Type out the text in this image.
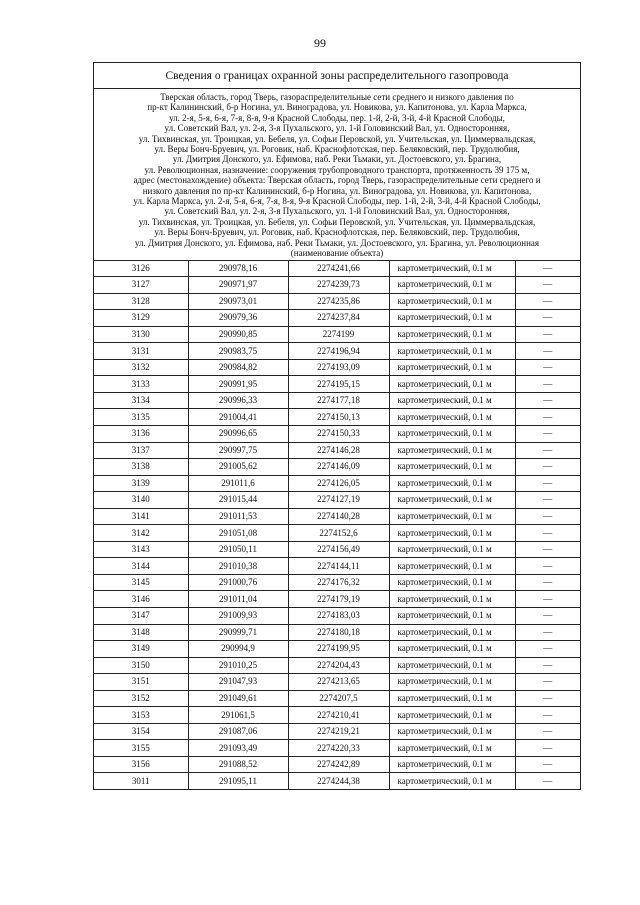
99
Сведения о границах охранной зоны распределительного газопровода
Тверская область, город Тверь, газораспределительные сети среднего и низкого давления по
пр-кт Калининский, б-р Ногина, ул. Виноградова, ул. Новикова, ул. Капитонова, ул. Карла Маркса,
ул. 2-я, 5-я, 6-я, 7-я, 8-я, 9-я Красной Слободы, пер. 1-й, 2-й, 3-й, 4-й Красной Слободы,
ул. Советский Вал, ул. 2-я, 3-я Пухальского, ул. 1-й Головинский Вал, ул. Односторонняя,
ул. Тихвинская, ул. Троицкая, ул. Бебеля, ул. Софьи Перовской, ул. Учительская, ул. Циммервальдская,
ул. Веры Бонч-Бруевич, ул. Роговик, наб. Краснофлотская, пер. Беляковский, пер. Трудолюбия,
ул. Дмитрия Донского, ул. Ефимова, наб. Реки Тьмаки, ул. Достоевского, ул. Брагина,
ул. Революционная, назначение: сооружения трубопроводного транспорта, протяженность 39 175 м,
адрес (местонахождение) объекта: Тверская область, город Тверь, газораспределительные сети среднего и
низкого давления по пр-кт Калининский, б-р Ногина, ул. Виноградова, ул. Новикова, ул. Капитонова,
ул. Карла Маркса, ул. 2-я, 5-я, 6-я, 7-я, 8-я, 9-я Красной Слободы, пер. 1-й, 2-й, 3-й, 4-й Красной Слободы,
ул. Советский Вал, ул. 2-я, 3-я Пухальского, ул. 1-й Головинский Вал, ул. Односторонняя,
ул. Тихвинская, ул. Троицкая, ул. Бебеля, ул. Софьи Перовской, ул. Учительская, ул. Циммервальдская,
ул. Веры Бонч-Бруевич, ул. Роговик, наб. Краснофлотская, пер. Беляковский, пер. Трудолюбия,
ул. Дмитрия Донского, ул. Ефимова, наб. Реки Тьмаки, ул. Достоевского, ул. Брагина, ул. Революционная
(наименование объекта)
3126	290978,16	2274241,66	картометрический, 0.1 м	—
3127	290971,97	2274239,73	картометрический, 0.1 м	—
3128	290973,01	2274235,86	картометрический, 0.1 м	—
3129	290979,36	2274237,84	картометрический, 0.1 м	—
3130	290990,85	2274199	картометрический, 0.1 м	—
3131	290983,75	2274196,94	картометрический, 0.1 м	—
3132	290984,82	2274193,09	картометрический, 0.1 м	—
3133	290991,95	2274195,15	картометрический, 0.1 м	—
3134	290996,33	2274177,18	картометрический, 0.1 м	—
3135	291004,41	2274150,13	картометрический, 0.1 м	—
3136	290996,65	2274150,33	картометрический, 0.1 м	—
3137	290997,75	2274146,28	картометрический, 0.1 м	—
3138	291005,62	2274146,09	картометрический, 0.1 м	—
3139	291011,6	2274126,05	картометрический, 0.1 м	—
3140	291015,44	2274127,19	картометрический, 0.1 м	—
3141	291011,53	2274140,28	картометрический, 0.1 м	—
3142	291051,08	2274152,6	картометрический, 0.1 м	—
3143	291050,11	2274156,49	картометрический, 0.1 м	—
3144	291010,38	2274144,11	картометрический, 0.1 м	—
3145	291000,76	2274176,32	картометрический, 0.1 м	—
3146	291011,04	2274179,19	картометрический, 0.1 м	—
3147	291009,93	2274183,03	картометрический, 0.1 м	—
3148	290999,71	2274180,18	картометрический, 0.1 м	—
3149	290994,9	2274199,95	картометрический, 0.1 м	—
3150	291010,25	2274204,43	картометрический, 0.1 м	—
3151	291047,93	2274213,65	картометрический, 0.1 м	—
3152	291049,61	2274207,5	картометрический, 0.1 м	—
3153	291061,5	2274210,41	картометрический, 0.1 м	—
3154	291087,06	2274219,21	картометрический, 0.1 м	—
3155	291093,49	2274220,33	картометрический, 0.1 м	—
3156	291088,52	2274242,89	картометрический, 0.1 м	—
3011	291095,11	2274244,38	картометрический, 0.1 м	—
